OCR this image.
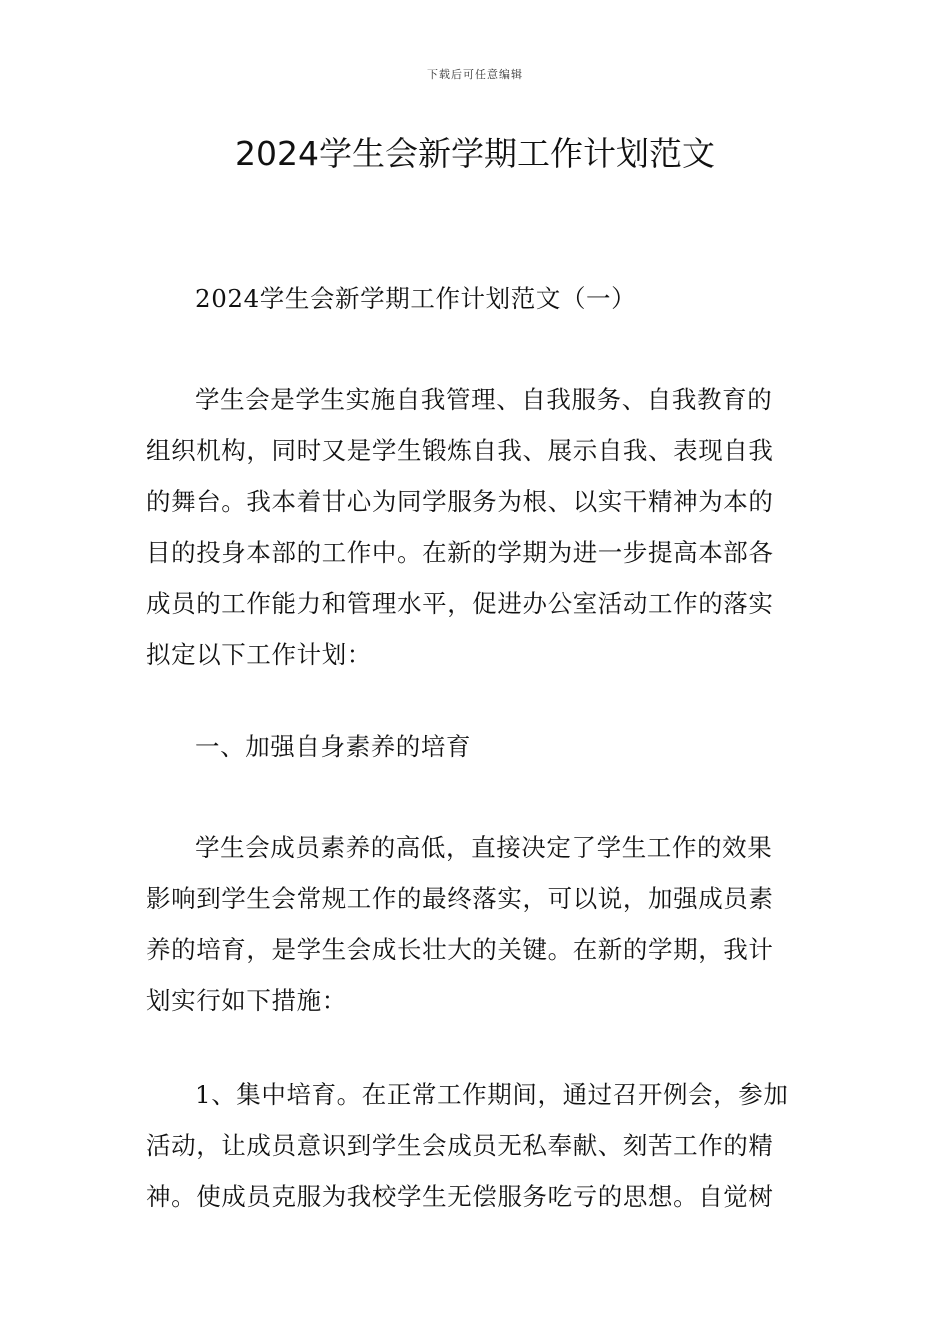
下载后可任意编辑
2024学生会新学期工作计划范文

2024学生会新学期工作计划范文（一）

学生会是学生实施自我管理、自我服务、自我教育的
组织机构，同时又是学生锻炼自我、展示自我、表现自我
的舞台。我本着甘心为同学服务为根、以实干精神为本的
目的投身本部的工作中。在新的学期为进一步提高本部各
成员的工作能力和管理水平，促进办公室活动工作的落实
拟定以下工作计划：

一、加强自身素养的培育

学生会成员素养的高低，直接决定了学生工作的效果
影响到学生会常规工作的最终落实，可以说，加强成员素
养的培育，是学生会成长壮大的关键。在新的学期，我计
划实行如下措施：

1、集中培育。在正常工作期间，通过召开例会，参加
活动，让成员意识到学生会成员无私奉献、刻苦工作的精
神。使成员克服为我校学生无偿服务吃亏的思想。自觉树
